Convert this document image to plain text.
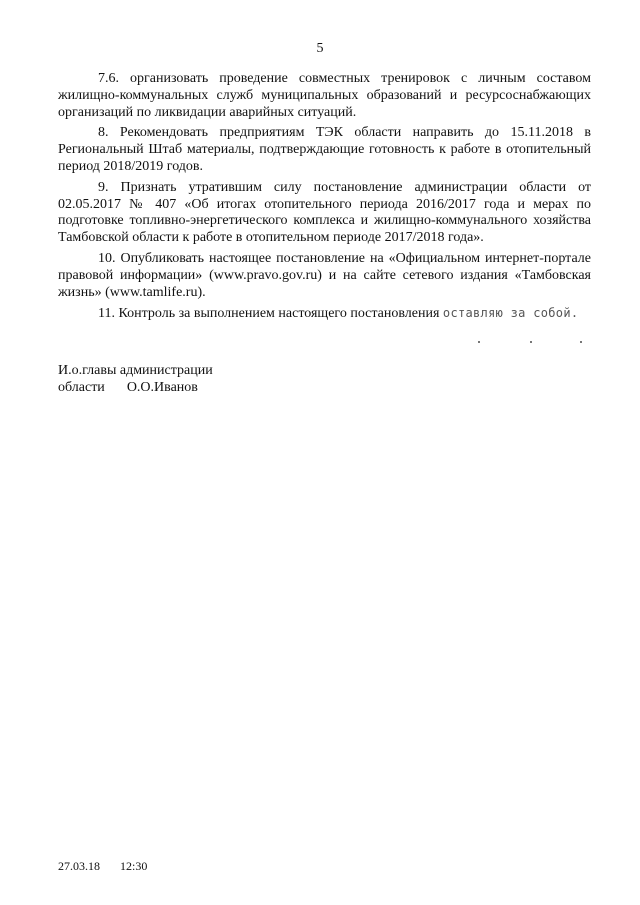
5

7.6. организовать проведение совместных тренировок с личным составом жилищно-коммунальных служб муниципальных образований и ресурсоснабжающих организаций по ликвидации аварийных ситуаций.

8. Рекомендовать предприятиям ТЭК области направить до 15.11.2018 в Региональный Штаб материалы, подтверждающие готовность к работе в отопительный период 2018/2019 годов.

9. Признать утратившим силу постановление администрации области от 02.05.2017 № 407 «Об итогах отопительного периода 2016/2017 года и мерах по подготовке топливно-энергетического комплекса и жилищно-коммунального хозяйства Тамбовской области к работе в отопительном периоде 2017/2018 года».

10. Опубликовать настоящее постановление на «Официальном интернет-портале правовой информации» (www.pravo.gov.ru) и на сайте сетевого издания «Тамбовская жизнь» (www.tamlife.ru).

11. Контроль за выполнением настоящего постановления оставляю за собой.

И.о.главы администрации
области О.О.Иванов
27.03.18 12:30
